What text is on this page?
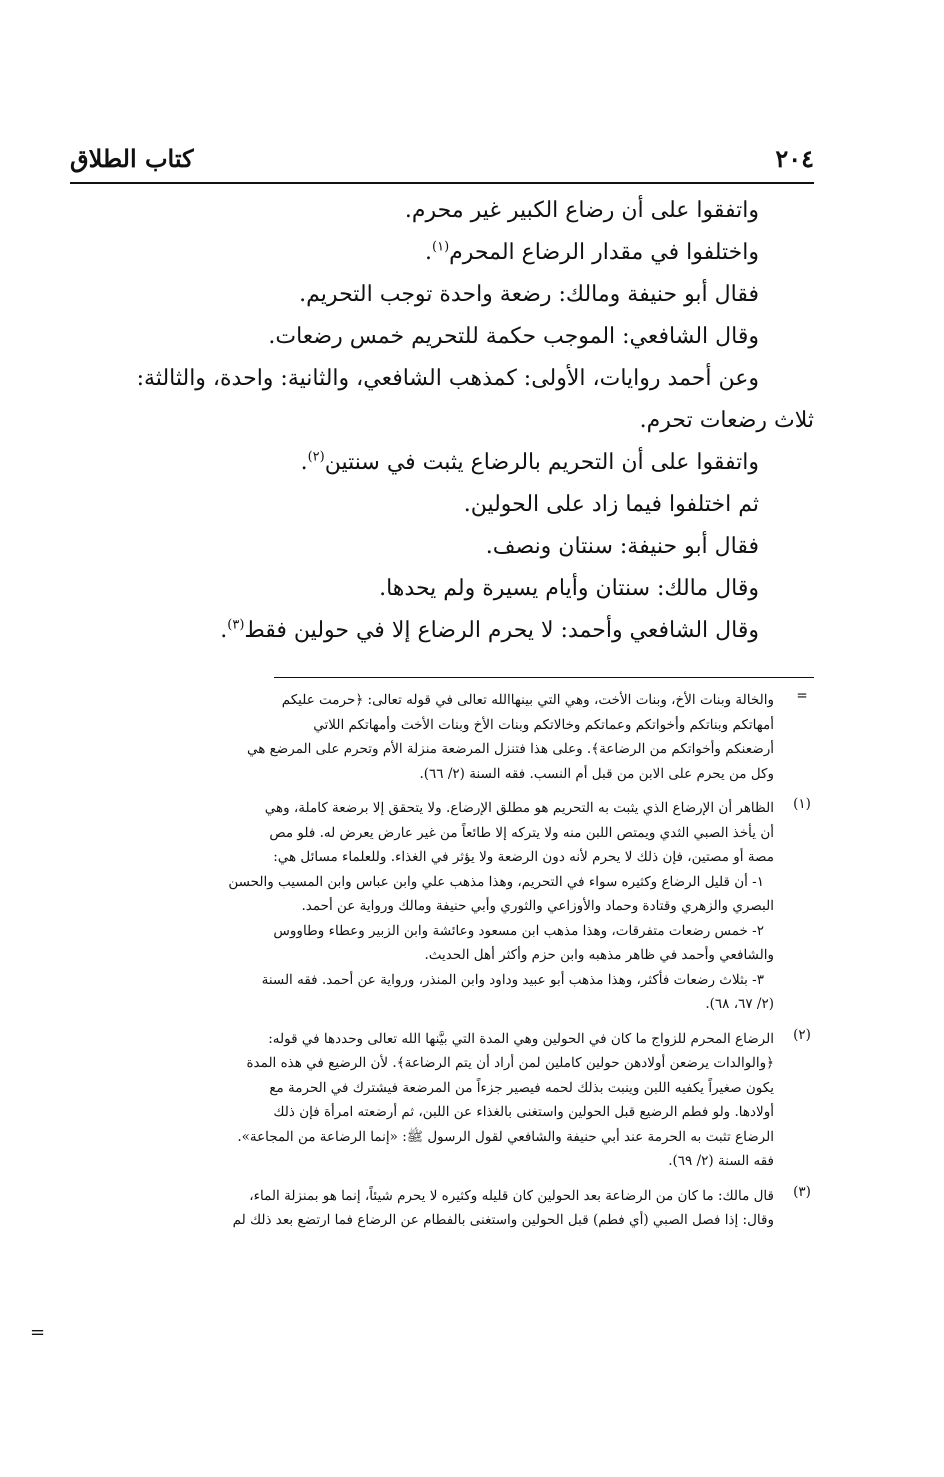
٢٠٤
كتاب الطلاق
واتفقوا على أن رضاع الكبير غير محرم.
واختلفوا في مقدار الرضاع المحرم$^{(١)}$.
فقال أبو حنيفة ومالك: رضعة واحدة توجب التحريم.
وقال الشافعي: الموجب حكمة للتحريم خمس رضعات.
وعن أحمد روايات، الأولى: كمذهب الشافعي، والثانية: واحدة، والثالثة:
ثلاث رضعات تحرم.
واتفقوا على أن التحريم بالرضاع يثبت في سنتين$^{(٢)}$.
ثم اختلفوا فيما زاد على الحولين.
فقال أبو حنيفة: سنتان ونصف.
وقال مالك: سنتان وأيام يسيرة ولم يحدها.
وقال الشافعي وأحمد: لا يحرم الرضاع إلا في حولين فقط$^{(٣)}$.
=
والخالة وبنات الأخ، وبنات الأخت، وهي التي بينهاالله تعالى في قوله تعالى: ﴿حرمت عليكم
أمهاتكم وبناتكم وأخواتكم وعماتكم وخالاتكم وبنات الأخ وبنات الأخت وأمهاتكم اللاتي
أرضعنكم وأخواتكم من الرضاعة﴾. وعلى هذا فتنزل المرضعة منزلة الأم وتحرم على المرضع هي
وكل من يحرم على الابن من قبل أم النسب. فقه السنة (٢/ ٦٦).
(١)
الظاهر أن الإرضاع الذي يثبت به التحريم هو مطلق الإرضاع. ولا يتحقق إلا برضعة كاملة، وهي
أن يأخذ الصبي الثدي ويمتص اللبن منه ولا يتركه إلا طائعاً من غير عارض يعرض له. فلو مص
مصة أو مصتين، فإن ذلك لا يحرم لأنه دون الرضعة ولا يؤثر في الغذاء. وللعلماء مسائل هي:
١- أن قليل الرضاع وكثيره سواء في التحريم، وهذا مذهب علي وابن عباس وابن المسيب والحسن
البصري والزهري وقتادة وحماد والأوزاعي والثوري وأبي حنيفة ومالك ورواية عن أحمد.
٢- خمس رضعات متفرقات، وهذا مذهب ابن مسعود وعائشة وابن الزبير وعطاء وطاووس
والشافعي وأحمد في ظاهر مذهبه وابن حزم وأكثر أهل الحديث.
٣- بثلاث رضعات فأكثر، وهذا مذهب أبو عبيد وداود وابن المنذر، ورواية عن أحمد. فقه السنة
(٢/ ٦٧، ٦٨).
(٢)
الرضاع المحرم للزواج ما كان في الحولين وهي المدة التي بيَّنها الله تعالى وحددها في قوله:
﴿والوالدات يرضعن أولادهن حولين كاملين لمن أراد أن يتم الرضاعة﴾. لأن الرضيع في هذه المدة
يكون صغيراً يكفيه اللبن وينبت بذلك لحمه فيصير جزءاً من المرضعة فيشترك في الحرمة مع
أولادها. ولو فطم الرضيع قبل الحولين واستغنى بالغذاء عن اللبن، ثم أرضعته امرأة فإن ذلك
الرضاع تثبت به الحرمة عند أبي حنيفة والشافعي لقول الرسول ﷺ: «إنما الرضاعة من المجاعة».
فقه السنة (٢/ ٦٩).
(٣)
قال مالك: ما كان من الرضاعة بعد الحولين كان قليله وكثيره لا يحرم شيئاً، إنما هو بمنزلة الماء،
وقال: إذا فصل الصبي (أي فطم) قبل الحولين واستغنى بالفطام عن الرضاع فما ارتضع بعد ذلك لم
=
